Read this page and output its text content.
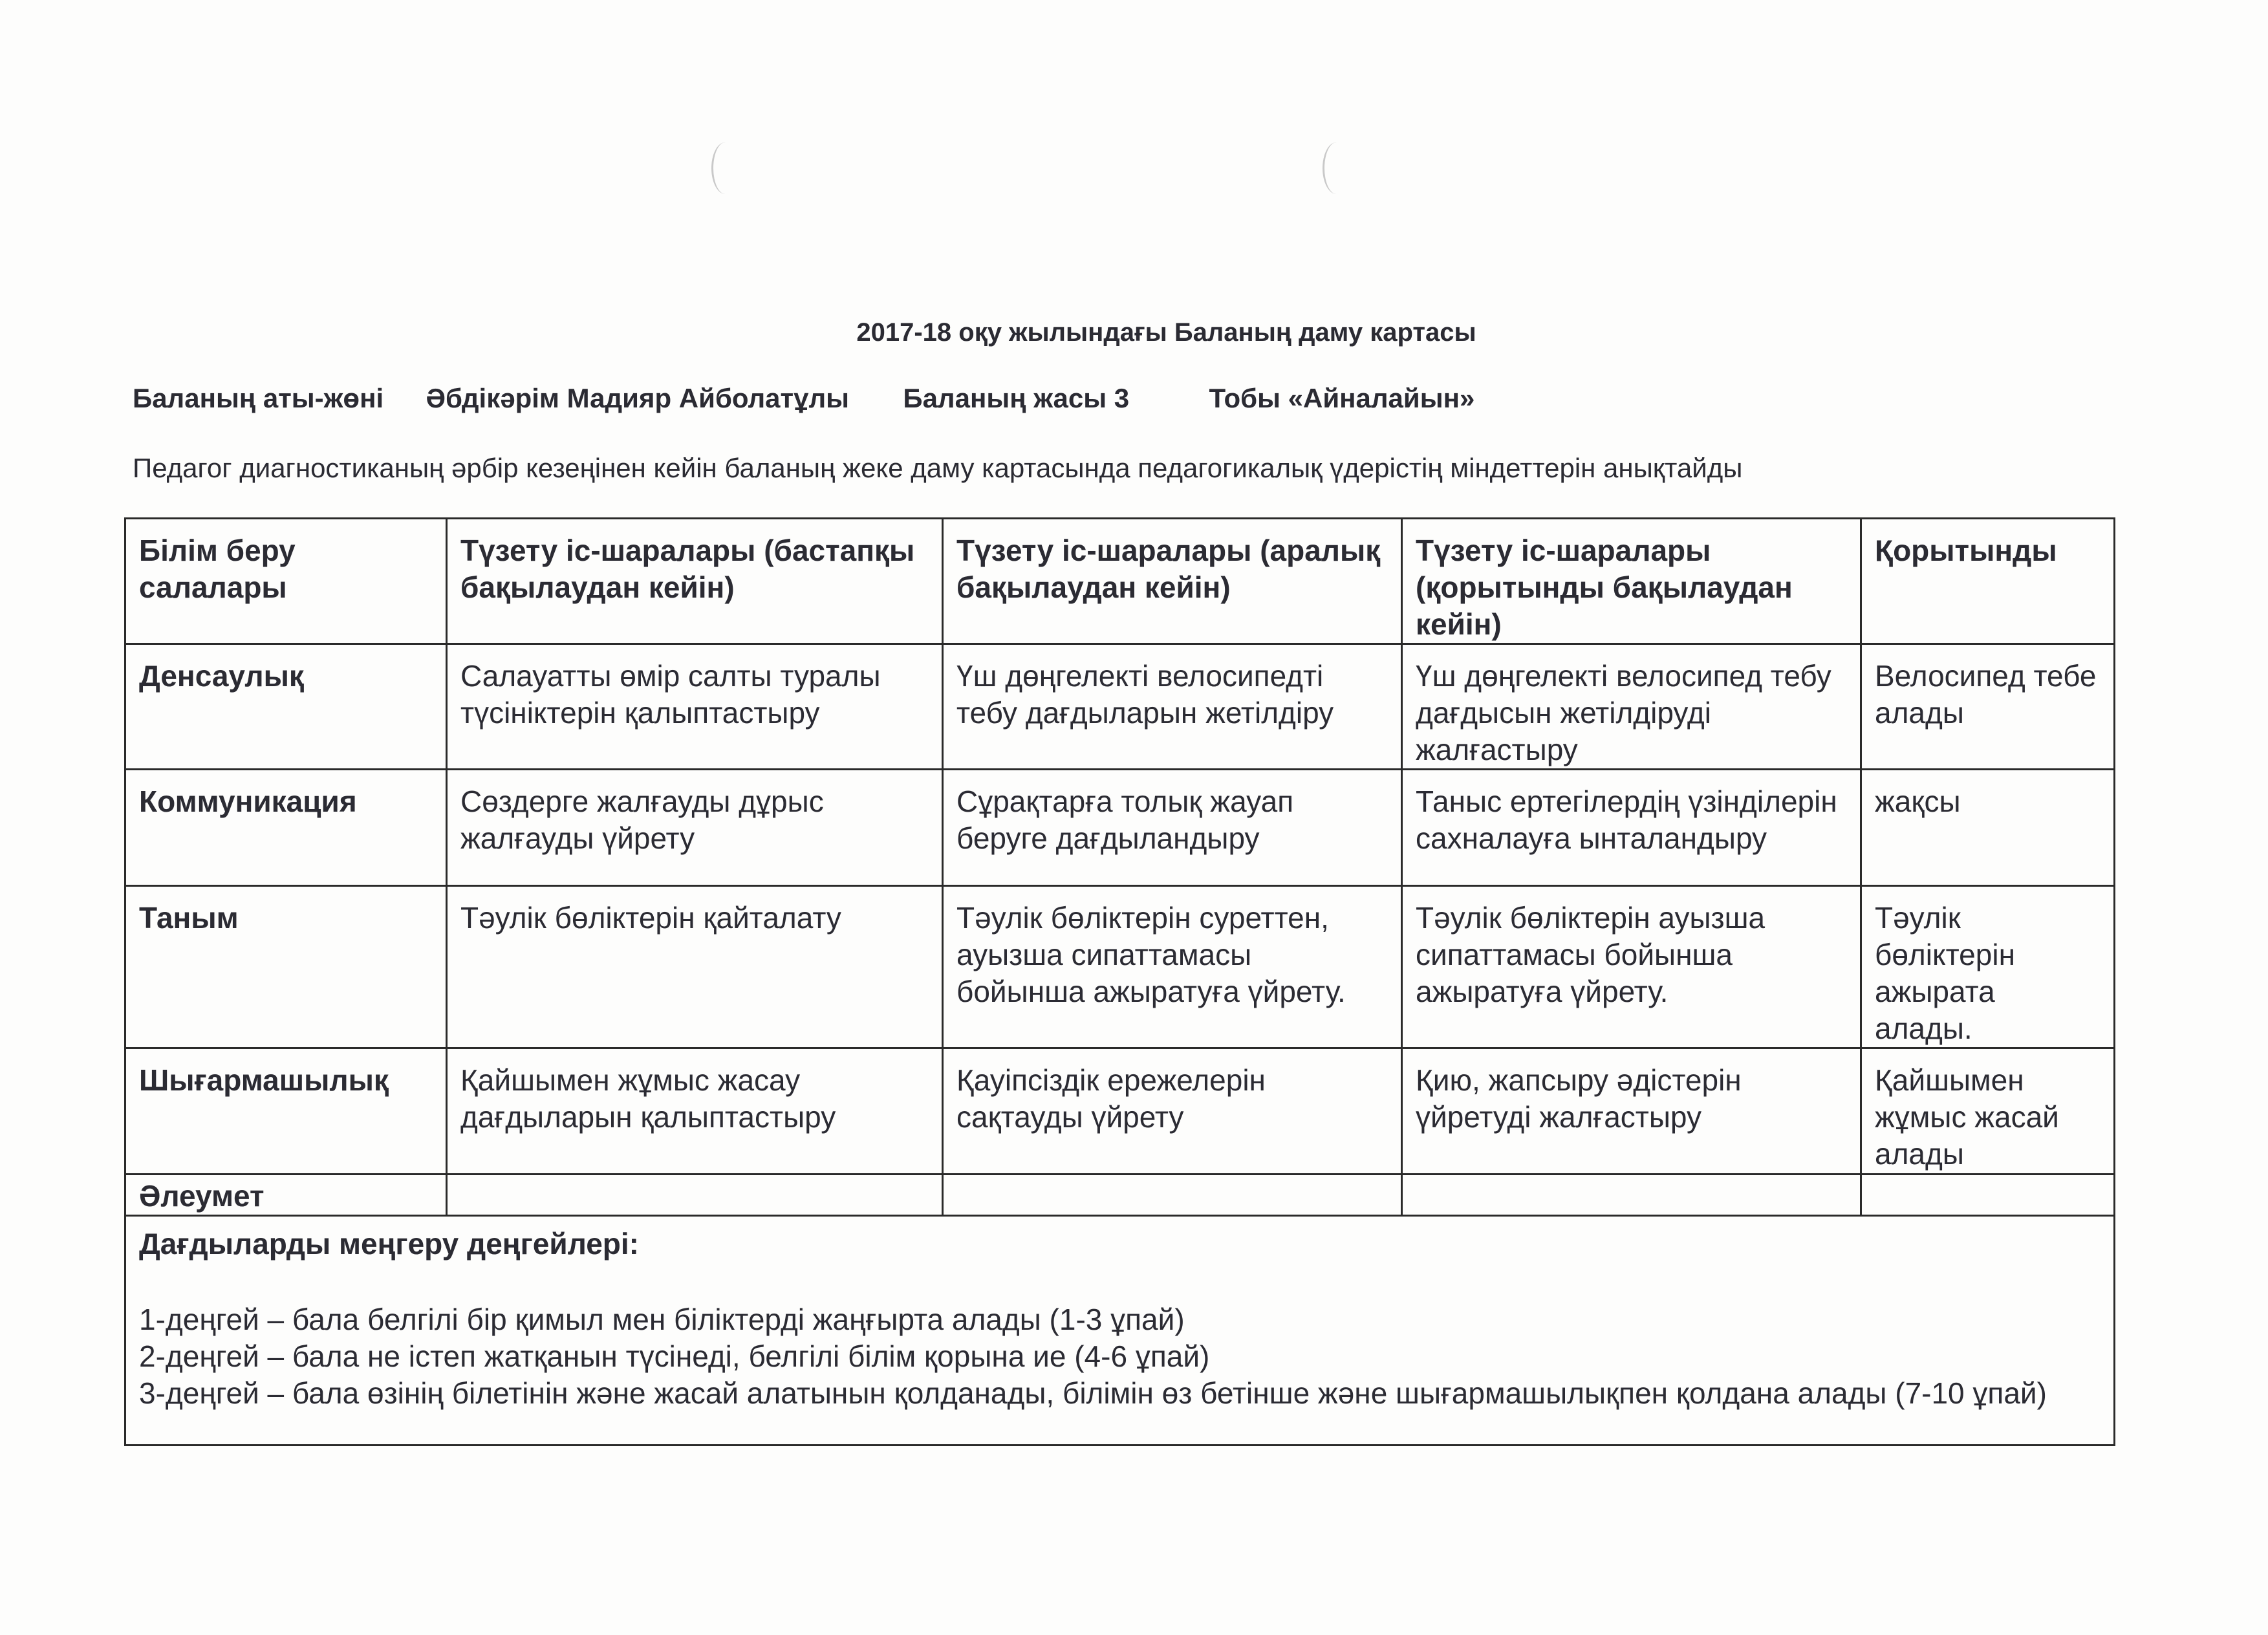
2017-18 оқу жылындағы Баланың даму картасы
Баланың аты-жөні Әбдікәрім Мадияр Айболатұлы Баланың жасы 3	Тобы «Айналайын»
Педагог диагностиканың әрбір кезеңінен кейін баланың жеке даму картасында педагогикалық үдерістің міндеттерін анықтайды
Білім беру салалары	Түзету іс-шаралары (бастапқы бақылаудан кейін)	Түзету іс-шаралары (аралық бақылаудан кейін)	Түзету іс-шаралары (қорытынды бақылаудан кейін)	Қорытынды
Денсаулық	Салауатты өмір салты туралы түсініктерін қалыптастыру	Үш дөңгелекті велосипедті тебу дағдыларын жетілдіру	Үш дөңгелекті велосипед тебу дағдысын жетілдіруді жалғастыру	Велосипед тебе алады
Коммуникация	Сөздерге жалғауды дұрыс жалғауды үйрету	Сұрақтарға толық жауап беруге дағдыландыру	Таныс ертегілердің үзінділерін сахналауға ынталандыру	жақсы
Таным	Тәулік бөліктерін қайталату	Тәулік бөліктерін суреттен, ауызша сипаттамасы бойынша ажыратуға үйрету.	Тәулік бөліктерін ауызша сипаттамасы бойынша ажыратуға үйрету.	Тәулік бөліктерін ажырата алады.
Шығармашылық	Қайшымен жұмыс жасау дағдыларын қалыптастыру	Қауіпсіздік ережелерін сақтауды үйрету	Қию, жапсыру әдістерін үйретуді жалғастыру	Қайшымен жұмыс жасай алады
Әлеумет				

Дағдыларды меңгеру деңгейлері:
1-деңгей – бала белгілі бір қимыл мен біліктерді жаңғырта алады (1-3 ұпай)
2-деңгей – бала не істеп жатқанын түсінеді, белгілі білім қорына ие (4-6 ұпай)
3-деңгей – бала өзінің білетінін және жасай алатынын қолданады, білімін өз бетінше және шығармашылықпен қолдана алады (7-10 ұпай)				
